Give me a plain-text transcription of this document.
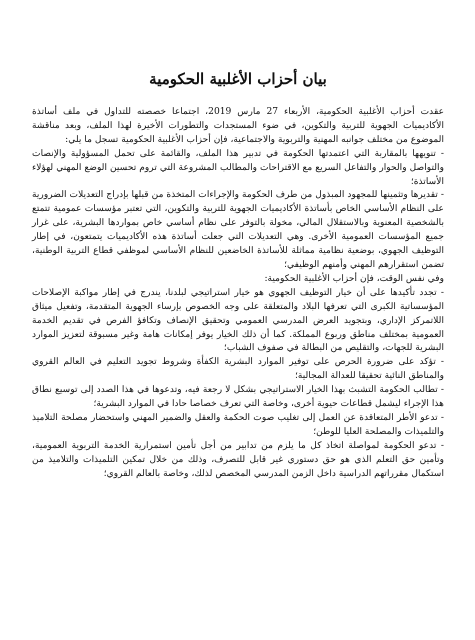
بيان أحزاب الأغلبية الحكومية

عقدت أحزاب الأغلبية الحكومية، الأربعاء 27 مارس 2019، اجتماعا خصصته للتداول في ملف أساتذة الأكاديميات الجهوية للتربية والتكوين، في ضوء المستجدات والتطورات الأخيرة لهذا الملف، وبعد مناقشة الموضوع من مختلف جوانبه المهنية والتربوية والاجتماعية، فإن أحزاب الأغلبية الحكومية تسجل ما يلي:

- تنويهها بالمقاربة التي اعتمدتها الحكومة في تدبير هذا الملف، والقائمة على تحمل المسؤولية والإنصات والتواصل والحوار والتفاعل السريع مع الاقتراحات والمطالب المشروعة التي تروم تحسين الوضع المهني لهؤلاء الأساتذة؛

- تقديرها وتثمينها للمجهود المبذول من طرف الحكومة والإجراءات المتخذة من قبلها بإدراج التعديلات الضرورية على النظام الأساسي الخاص بأساتذة الأكاديميات الجهوية للتربية والتكوين، التي تعتبر مؤسسات عمومية تتمتع بالشخصية المعنوية وبالاستقلال المالي، مخولة بالتوفر على نظام أساسي خاص بمواردها البشرية، على غرار جميع المؤسسات العمومية الأخرى. وهي التعديلات التي جعلت أساتذة هذه الأكاديميات يتمتعون، في إطار التوظيف الجهوي، بوضعية نظامية مماثلة للأساتذة الخاضعين للنظام الأساسي لموظفي قطاع التربية الوطنية، تضمن استقرارهم المهني وأمنهم الوظيفي؛

وفي نفس الوقت، فإن أحزاب الأغلبية الحكومية:

- تجدد تأكيدها على أن خيار التوظيف الجهوي هو خيار استراتيجي لبلدنا، يندرج في إطار مواكبة الإصلاحات المؤسساتية الكبرى التي تعرفها البلاد والمتعلقة على وجه الخصوص بإرساء الجهوية المتقدمة، وتفعيل ميثاق اللاتمركز الإداري، وبتجويد العرض المدرسي العمومي وتحقيق الإنصاف وتكافؤ الفرص في تقديم الخدمة العمومية بمختلف مناطق وربوع المملكة. كما أن ذلك الخيار يوفر إمكانات هامة وغير مسبوقة لتعزيز الموارد البشرية للجهات، والتقليص من البطالة في صفوف الشباب؛

- تؤكد على ضرورة الحرص على توفير الموارد البشرية الكفأة وشروط تجويد التعليم في العالم القروي والمناطق النائية تحقيقا للعدالة المجالية؛

- تطالب الحكومة التشبث بهذا الخيار الاستراتيجي بشكل لا رجعة فيه، وتدعوها في هذا الصدد إلى توسيع نطاق هذا الإجراء ليشمل قطاعات حيوية أخرى، وخاصة التي تعرف خصاصا حادا في الموارد البشرية؛

- تدعو الأطر المتعاقدة عن العمل إلى تغليب صوت الحكمة والعقل والضمير المهني واستحضار مصلحة التلاميذ والتلميذات والمصلحة العليا للوطن؛

- تدعو الحكومة لمواصلة اتخاذ كل ما يلزم من تدابير من أجل تأمين استمرارية الخدمة التربوية العمومية، وتأمين حق التعلم الذي هو حق دستوري غير قابل للتصرف، وذلك من خلال تمكين التلميذات والتلاميذ من استكمال مقرراتهم الدراسية داخل الزمن المدرسي المخصص لذلك، وخاصة بالعالم القروي؛
